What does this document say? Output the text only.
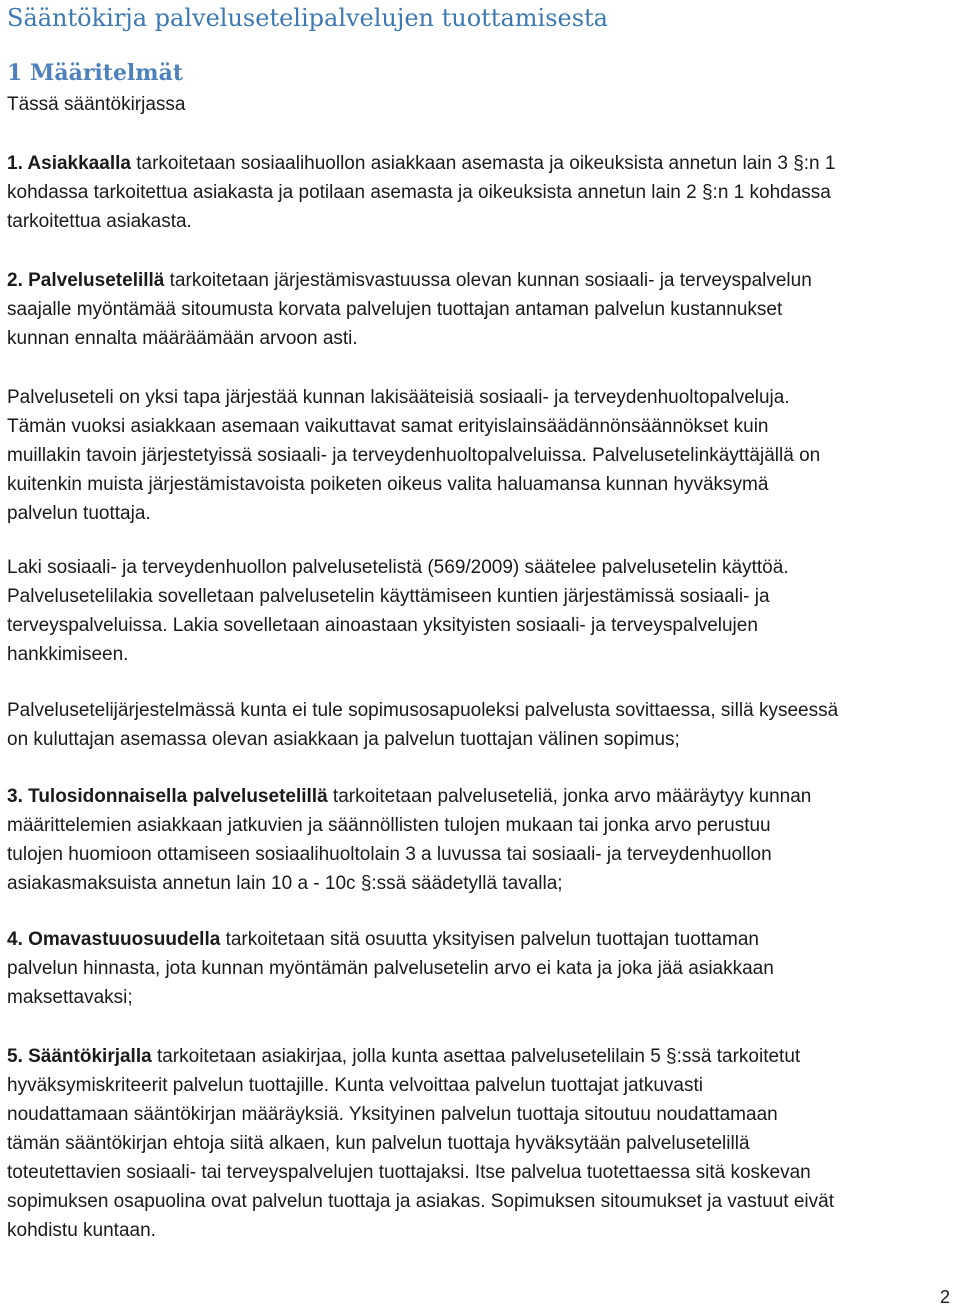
Sääntökirja palvelusetelipalvelujen tuottamisesta
1 Määritelmät

Tässä sääntökirjassa

1. Asiakkaalla tarkoitetaan sosiaalihuollon asiakkaan asemasta ja oikeuksista annetun lain 3 §:n 1
kohdassa tarkoitettua asiakasta ja potilaan asemasta ja oikeuksista annetun lain 2 §:n 1 kohdassa
tarkoitettua asiakasta.

2. Palvelusetelillä tarkoitetaan järjestämisvastuussa olevan kunnan sosiaali- ja terveyspalvelun
saajalle myöntämää sitoumusta korvata palvelujen tuottajan antaman palvelun kustannukset
kunnan ennalta määräämään arvoon asti.

Palveluseteli on yksi tapa järjestää kunnan lakisääteisiä sosiaali- ja terveydenhuoltopalveluja.
Tämän vuoksi asiakkaan asemaan vaikuttavat samat erityislainsäädännönsäännökset kuin
muillakin tavoin järjestetyissä sosiaali- ja terveydenhuoltopalveluissa. Palvelusetelinkäyttäjällä on
kuitenkin muista järjestämistavoista poiketen oikeus valita haluamansa kunnan hyväksymä
palvelun tuottaja.

Laki sosiaali- ja terveydenhuollon palvelusetelistä (569/2009) säätelee palvelusetelin käyttöä.
Palvelusetelilakia sovelletaan palvelusetelin käyttämiseen kuntien järjestämissä sosiaali- ja
terveyspalveluissa. Lakia sovelletaan ainoastaan yksityisten sosiaali- ja terveyspalvelujen
hankkimiseen.

Palvelusetelijärjestelmässä kunta ei tule sopimusosapuoleksi palvelusta sovittaessa, sillä kyseessä
on kuluttajan asemassa olevan asiakkaan ja palvelun tuottajan välinen sopimus;

3. Tulosidonnaisella palvelusetelillä tarkoitetaan palveluseteliä, jonka arvo määräytyy kunnan
määrittelemien asiakkaan jatkuvien ja säännöllisten tulojen mukaan tai jonka arvo perustuu
tulojen huomioon ottamiseen sosiaalihuoltolain 3 a luvussa tai sosiaali- ja terveydenhuollon
asiakasmaksuista annetun lain 10 a - 10c §:ssä säädetyllä tavalla;

4. Omavastuuosuudella tarkoitetaan sitä osuutta yksityisen palvelun tuottajan tuottaman
palvelun hinnasta, jota kunnan myöntämän palvelusetelin arvo ei kata ja joka jää asiakkaan
maksettavaksi;

5. Sääntökirjalla tarkoitetaan asiakirjaa, jolla kunta asettaa palvelusetelilain 5 §:ssä tarkoitetut
hyväksymiskriteerit palvelun tuottajille. Kunta velvoittaa palvelun tuottajat jatkuvasti
noudattamaan sääntökirjan määräyksiä. Yksityinen palvelun tuottaja sitoutuu noudattamaan
tämän sääntökirjan ehtoja siitä alkaen, kun palvelun tuottaja hyväksytään palvelusetelillä
toteutettavien sosiaali- tai terveyspalvelujen tuottajaksi. Itse palvelua tuotettaessa sitä koskevan
sopimuksen osapuolina ovat palvelun tuottaja ja asiakas. Sopimuksen sitoumukset ja vastuut eivät
kohdistu kuntaan.

2
